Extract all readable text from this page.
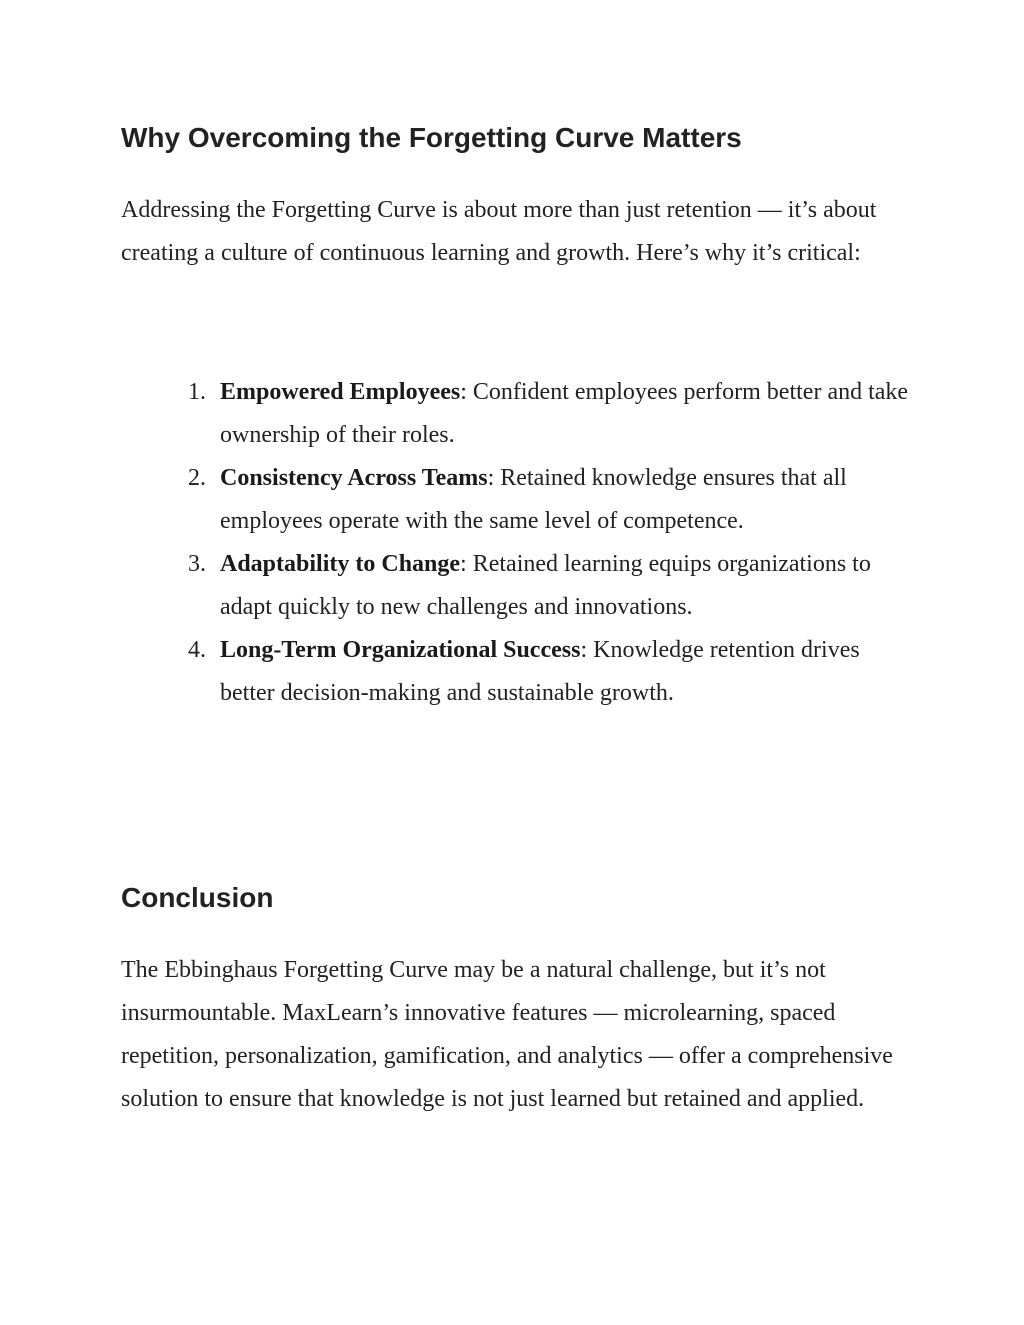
Why Overcoming the Forgetting Curve Matters

Addressing the Forgetting Curve is about more than just retention — it’s about creating a culture of continuous learning and growth. Here’s why it’s critical:

1. Empowered Employees: Confident employees perform better and take ownership of their roles.
2. Consistency Across Teams: Retained knowledge ensures that all employees operate with the same level of competence.
3. Adaptability to Change: Retained learning equips organizations to adapt quickly to new challenges and innovations.
4. Long-Term Organizational Success: Knowledge retention drives better decision-making and sustainable growth.
Conclusion

The Ebbinghaus Forgetting Curve may be a natural challenge, but it’s not insurmountable. MaxLearn’s innovative features — microlearning, spaced repetition, personalization, gamification, and analytics — offer a comprehensive solution to ensure that knowledge is not just learned but retained and applied.
